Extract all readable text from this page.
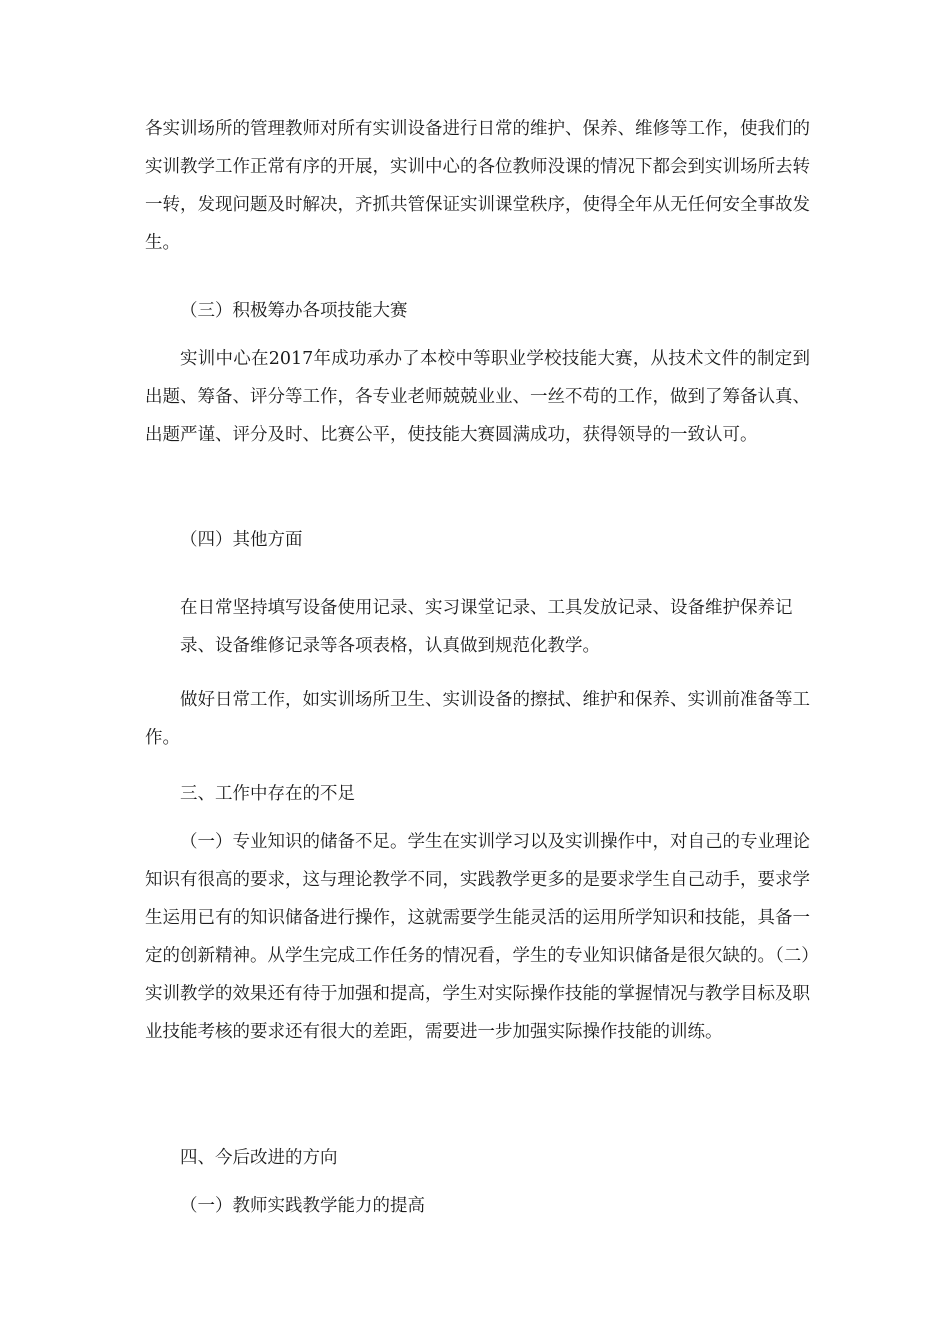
各实训场所的管理教师对所有实训设备进行日常的维护、保养、维修等工作，使我们的实训教学工作正常有序的开展，实训中心的各位教师没课的情况下都会到实训场所去转一转，发现问题及时解决，齐抓共管保证实训课堂秩序，使得全年从无任何安全事故发生。

（三）积极筹办各项技能大赛

实训中心在2017年成功承办了本校中等职业学校技能大赛，从技术文件的制定到出题、筹备、评分等工作，各专业老师兢兢业业、一丝不苟的工作，做到了筹备认真、出题严谨、评分及时、比赛公平，使技能大赛圆满成功，获得领导的一致认可。

（四）其他方面

在日常坚持填写设备使用记录、实习课堂记录、工具发放记录、设备维护保养记录、设备维修记录等各项表格，认真做到规范化教学。

做好日常工作，如实训场所卫生、实训设备的擦拭、维护和保养、实训前准备等工作。

三、工作中存在的不足

（一）专业知识的储备不足。学生在实训学习以及实训操作中，对自己的专业理论知识有很高的要求，这与理论教学不同，实践教学更多的是要求学生自己动手，要求学生运用已有的知识储备进行操作，这就需要学生能灵活的运用所学知识和技能，具备一定的创新精神。从学生完成工作任务的情况看，学生的专业知识储备是很欠缺的。（二）实训教学的效果还有待于加强和提高，学生对实际操作技能的掌握情况与教学目标及职业技能考核的要求还有很大的差距，需要进一步加强实际操作技能的训练。

四、今后改进的方向

（一）教师实践教学能力的提高
